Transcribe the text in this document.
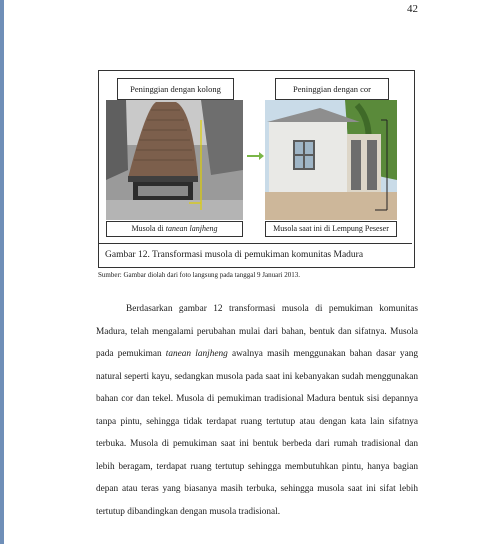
42
Peninggian dengan kolong	Peninggian dengan cor
Musola di tanean lanjheng	Musola saat ini di Lempung Peseser
Gambar 12. Transformasi musola di pemukiman komunitas Madura
Sumber: Gambar diolah dari foto langsung pada tanggal 9 Januari 2013.

Berdasarkan gambar 12 transformasi musola di pemukiman komunitas Madura, telah mengalami perubahan mulai dari bahan, bentuk dan sifatnya. Musola pada pemukiman tanean lanjheng awalnya masih menggunakan bahan dasar yang natural seperti kayu, sedangkan musola pada saat ini kebanyakan sudah menggunakan bahan cor dan tekel. Musola di pemukiman tradisional Madura bentuk sisi depannya tanpa pintu, sehingga tidak terdapat ruang tertutup atau dengan kata lain sifatnya terbuka. Musola di pemukiman saat ini bentuk berbeda dari rumah tradisional dan lebih beragam, terdapat ruang tertutup sehingga membutuhkan pintu, hanya bagian depan atau teras yang biasanya masih terbuka, sehingga musola saat ini sifat lebih tertutup dibandingkan dengan musola tradisional.
